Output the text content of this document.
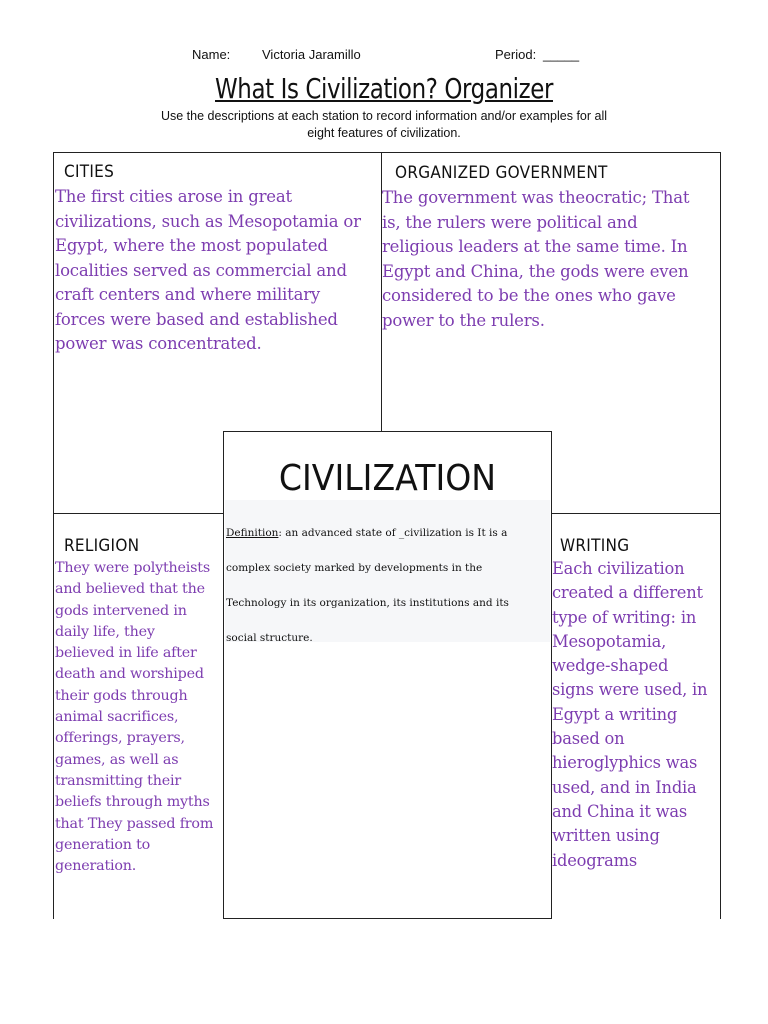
Name: Victoria Jaramillo	Period: _____
What Is Civilization? Organizer
Use the descriptions at each station to record information and/or examples for all
eight features of civilization.
CITIES
The first cities arose in great
civilizations, such as Mesopotamia or
Egypt, where the most populated
localities served as commercial and
craft centers and where military
forces were based and established
power was concentrated.
ORGANIZED GOVERNMENT
The government was theocratic; That
is, the rulers were political and
religious leaders at the same time. In
Egypt and China, the gods were even
considered to be the ones who gave
power to the rulers.
RELIGION
They were polytheists
and believed that the
gods intervened in
daily life, they
believed in life after
death and worshiped
their gods through
animal sacrifices,
offerings, prayers,
games, as well as
transmitting their
beliefs through myths
that They passed from
generation to
generation.
WRITING
Each civilization
created a different
type of writing: in
Mesopotamia,
wedge-shaped
signs were used, in
Egypt a writing
based on
hieroglyphics was
used, and in India
and China it was
written using
ideograms
CIVILIZATION
Definition: an advanced state of _civilization is It is a
complex society marked by developments in the
Technology in its organization, its institutions and its
social structure.
